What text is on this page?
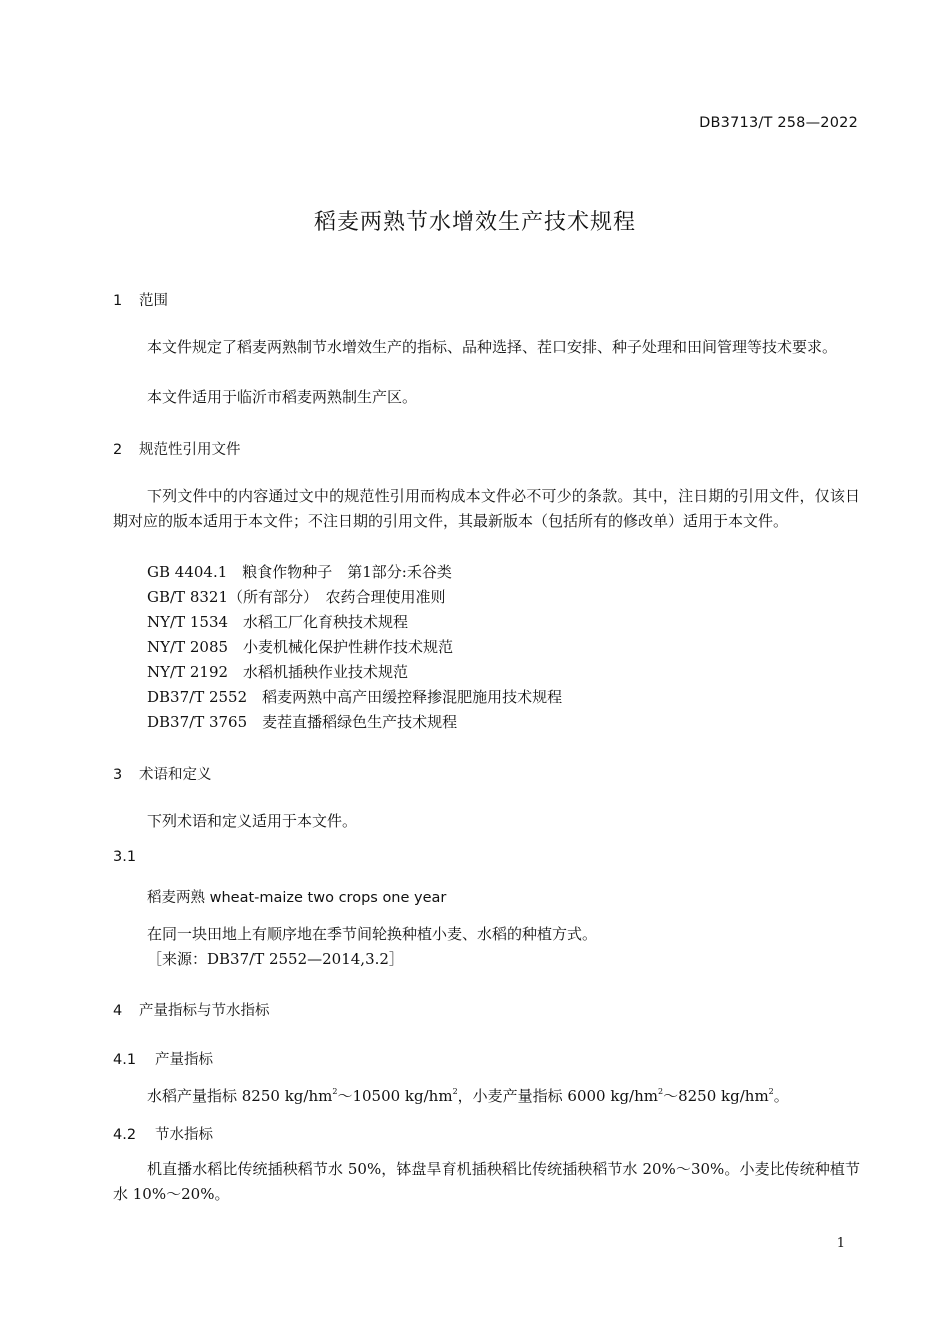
DB3713/T 258—2022
稻麦两熟节水增效生产技术规程
1 范围
本文件规定了稻麦两熟制节水增效生产的指标、品种选择、茬口安排、种子处理和田间管理等技术要求。
本文件适用于临沂市稻麦两熟制生产区。
2 规范性引用文件
下列文件中的内容通过文中的规范性引用而构成本文件必不可少的条款。其中，注日期的引用文件，仅该日期对应的版本适用于本文件；不注日期的引用文件，其最新版本（包括所有的修改单）适用于本文件。
GB 4404.1　粮食作物种子　第1部分:禾谷类
GB/T 8321（所有部分）　农药合理使用准则
NY/T 1534　水稻工厂化育秧技术规程
NY/T 2085　小麦机械化保护性耕作技术规范
NY/T 2192　水稻机插秧作业技术规范
DB37/T 2552　稻麦两熟中高产田缓控释掺混肥施用技术规程
DB37/T 3765　麦茬直播稻绿色生产技术规程
3 术语和定义
下列术语和定义适用于本文件。
3.1
稻麦两熟 wheat-maize two crops one year
在同一块田地上有顺序地在季节间轮换种植小麦、水稻的种植方式。
［来源：DB37/T 2552—2014,3.2］
4 产量指标与节水指标
4.1 产量指标
水稻产量指标 8250 $kg/hm^2\sim 10500$ $kg/hm^2$，小麦产量指标 6000 $kg/hm^2\sim 8250$ $kg/hm^2$。
4.2 节水指标
机直播水稻比传统插秧稻节水 50%，钵盘旱育机插秧稻比传统插秧稻节水 20%～30%。小麦比传统种植节水 10%～20%。
1
